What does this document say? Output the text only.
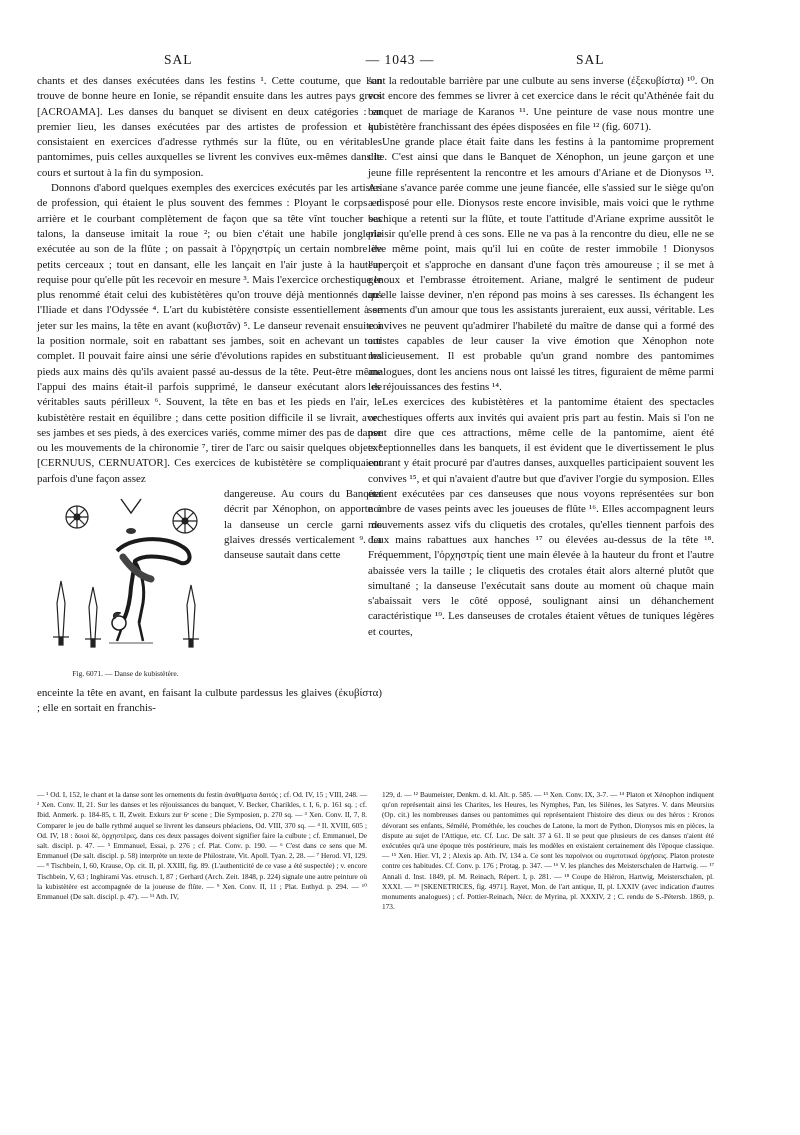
SAL	— 1043 —	SAL

chants et des danses exécutées dans les festins ¹. Cette coutume, que l'on trouve de bonne heure en Ionie, se répandit ensuite dans les autres pays grecs [ACROAMA]. Les danses du banquet se divisent en deux catégories : en premier lieu, les danses exécutées par des artistes de profession et qui consistaient en exercices d'adresse rythmés sur la flûte, ou en véritables pantomimes, puis celles auxquelles se livrent les convives eux-mêmes dans le cours et surtout à la fin du symposion.

Donnons d'abord quelques exemples des exercices exécutés par les artistes de profession, qui étaient le plus souvent des femmes : Ployant le corps en arrière et le courbant complètement de façon que sa tête vînt toucher ses talons, la danseuse imitait la roue ²; ou bien c'était une habile jonglerie exécutée au son de la flûte ; on passait à l'ὀρχηστρίς un certain nombre de petits cerceaux ; tout en dansant, elle les lançait en l'air juste à la hauteur requise pour qu'elle pût les recevoir en mesure ³. Mais l'exercice orchestique le plus renommé était celui des kubistètères qu'on trouve déjà mentionnés dans l'Iliade et dans l'Odyssée ⁴. L'art du kubistètère consiste essentiellement à se jeter sur les mains, la tête en avant (κυβιστᾶν) ⁵. Le danseur revenait ensuite à la position normale, soit en rabattant ses jambes, soit en achevant un tour complet. Il pouvait faire ainsi une série d'évolutions rapides en substituant les pieds aux mains dès qu'ils avaient passé au-dessus de la tête. Peut-être même l'appui des mains était-il parfois supprimé, le danseur exécutant alors de véritables sauts périlleux ⁶. Souvent, la tête en bas et les pieds en l'air, le kubistètère restait en équilibre ; dans cette position difficile il se livrait, avec ses jambes et ses pieds, à des exercices variés, comme mimer des pas de danse ou les mouvements de la chironomie ⁷, tirer de l'arc ou saisir quelques objets ⁸ [CERNUUS, CERNUATOR]. Ces exercices de kubistètère se compliquaient parfois d'une façon assez

Fig. 6071. — Danse de kubistètère.

dangereuse. Au cours du Banquet décrit par Xénophon, on apporte à la danseuse un cercle garni de glaives dressés verticalement ⁹. La danseuse sautait dans cette

enceinte la tête en avant, en faisant la culbute pardessus les glaives (ἐκυβίστα) ; elle en sortait en franchis-

sant la redoutable barrière par une culbute au sens inverse (ἐξεκυβίστα) ¹⁰. On voit encore des femmes se livrer à cet exercice dans le récit qu'Athénée fait du banquet de mariage de Karanos ¹¹. Une peinture de vase nous montre une kubistètère franchissant des épées disposées en file ¹² (fig. 6071).

Une grande place était faite dans les festins à la pantomime proprement dite. C'est ainsi que dans le Banquet de Xénophon, un jeune garçon et une jeune fille représentent la rencontre et les amours d'Ariane et de Dionysos ¹³. Ariane s'avance parée comme une jeune fiancée, elle s'assied sur le siège qu'on a disposé pour elle. Dionysos reste encore invisible, mais voici que le rythme bachique a retenti sur la flûte, et toute l'attitude d'Ariane exprime aussitôt le plaisir qu'elle prend à ces sons. Elle ne va pas à la rencontre du dieu, elle ne se lève même point, mais qu'il lui en coûte de rester immobile ! Dionysos l'aperçoit et s'approche en dansant d'une façon très amoureuse ; il se met à genoux et l'embrasse étroitement. Ariane, malgré le sentiment de pudeur qu'elle laisse deviner, n'en répond pas moins à ses caresses. Ils échangent les serments d'un amour que tous les assistants jureraient, eux aussi, véritable. Les convives ne peuvent qu'admirer l'habileté du maître de danse qui a formé des artistes capables de leur causer la vive émotion que Xénophon note malicieusement. Il est probable qu'un grand nombre des pantomimes analogues, dont les anciens nous ont laissé les titres, figuraient de même parmi les réjouissances des festins ¹⁴.

Les exercices des kubistètères et la pantomime étaient des spectacles orchestiques offerts aux invités qui avaient pris part au festin. Mais si l'on ne peut dire que ces attractions, même celle de la pantomime, aient été exceptionnelles dans les banquets, il est évident que le divertissement le plus courant y était procuré par d'autres danses, auxquelles participaient souvent les convives ¹⁵, et qui n'avaient d'autre but que d'aviver l'orgie du symposion. Elles étaient exécutées par ces danseuses que nous voyons représentées sur bon nombre de vases peints avec les joueuses de flûte ¹⁶. Elles accompagnent leurs mouvements assez vifs du cliquetis des crotales, qu'elles tiennent parfois des deux mains rabattues aux hanches ¹⁷ ou élevées au-dessus de la tête ¹⁸. Fréquemment, l'ὀρχηστρίς tient une main élevée à la hauteur du front et l'autre abaissée vers la taille ; le cliquetis des crotales était alors alterné plutôt que simultané ; la danseuse l'exécutait sans doute au moment où chaque main s'abaissait vers le côté opposé, soulignant ainsi un déhanchement caractéristique ¹⁹. Les danseuses de crotales étaient vêtues de tuniques légères et courtes,

— ¹ Od. I, 152, le chant et la danse sont les ornements du festin ἀναθήματα δαιτός ; cf. Od. IV, 15 ; VIII, 248. — ² Xen. Conv. II, 21. Sur les danses et les réjouissances du banquet, V. Becker, Charikles, t. I, 6, p. 161 sq. ; cf. Ibid. Anmerk. p. 184-85, t. II, Zweit. Exkurs zur 6ᵉ scene ; Die Symposien, p. 270 sq. — ³ Xen. Conv. II, 7, 8. Comparer le jeu de balle rythmé auquel se livrent les danseurs phéaciens, Od. VIII, 370 sq. — ⁴ Il. XVIII, 605 ; Od. IV, 18 : δοιοὶ δέ, ὀρχηστὲρες, dans ces deux passages doivent signifier faire la culbute ; cf. Emmanuel, De salt. discipl. p. 47. — ⁵ Emmanuel, Essai, p. 276 ; cf. Plat. Conv. p. 190. — ⁶ C'est dans ce sens que M. Emmanuel (De salt. discipl. p. 58) interprète un texte de Philostrate, Vit. Apoll. Tyan. 2, 28. — ⁷ Herod. VI, 129. — ⁸ Tischbein, I, 60, Krause, Op. cit. II, pl. XXIII, fig. 89. (L'authenticité de ce vase a été suspectée) ; v. encore Tischbein, V, 63 ; Inghirami Vas. etrusch. I, 87 ; Gerhard (Arch. Zeit. 1848, p. 224) signale une autre peinture où la kubistètère est accompagnée de la joueuse de flûte. — ⁹ Xen. Conv. II, 11 ; Plat. Euthyd. p. 294. — ¹⁰ Emmanuel (De salt. discipl. p. 47). — ¹¹ Ath. IV,

129, d. — ¹² Baumeister, Denkm. d. kl. Alt. p. 585. — ¹³ Xen. Conv. IX, 3-7. — ¹⁴ Platon et Xénophon indiquent qu'on représentait ainsi les Charites, les Heures, les Nymphes, Pan, les Silènes, les Satyres. V. dans Meursius (Op. cit.) les nombreuses danses ou pantomimes qui représentaient l'histoire des dieux ou des héros : Kronos dévorant ses enfants, Sémélé, Prométhée, les couches de Latone, la mort de Python, Dionysos mis en pièces, la dispute au sujet de l'Attique, etc. Cf. Luc. De salt. 37 à 61. Il se peut que plusieurs de ces danses n'aient été exécutées qu'à une époque très postérieure, mais les modèles en existaient certainement dès l'époque classique. — ¹⁵ Xen. Hier. VI, 2 ; Alexis ap. Ath. IV, 134 a. Ce sont les παροίνιοι ou συμποτικαὶ ὀρχήσεις. Platon proteste contre ces habitudes. Cf. Conv. p. 176 ; Protag. p. 347. — ¹⁶ V. les planches des Meisterschalen de Hartwig. — ¹⁷ Annali d. Inst. 1849, pl. M. Reinach, Répert. I, p. 281. — ¹⁸ Coupe de Hiéron, Hartwig, Meisterschalen, pl. XXXI. — ¹⁹ [SKENETRICES, fig. 4971]. Rayet, Mon. de l'art antique, II, pl. LXXIV (avec indication d'autres monuments analogues) ; cf. Pottier-Reinach, Nécr. de Myrina, pl. XXXIV, 2 ; C. rendu de S.-Pétersb. 1869, p. 173.
